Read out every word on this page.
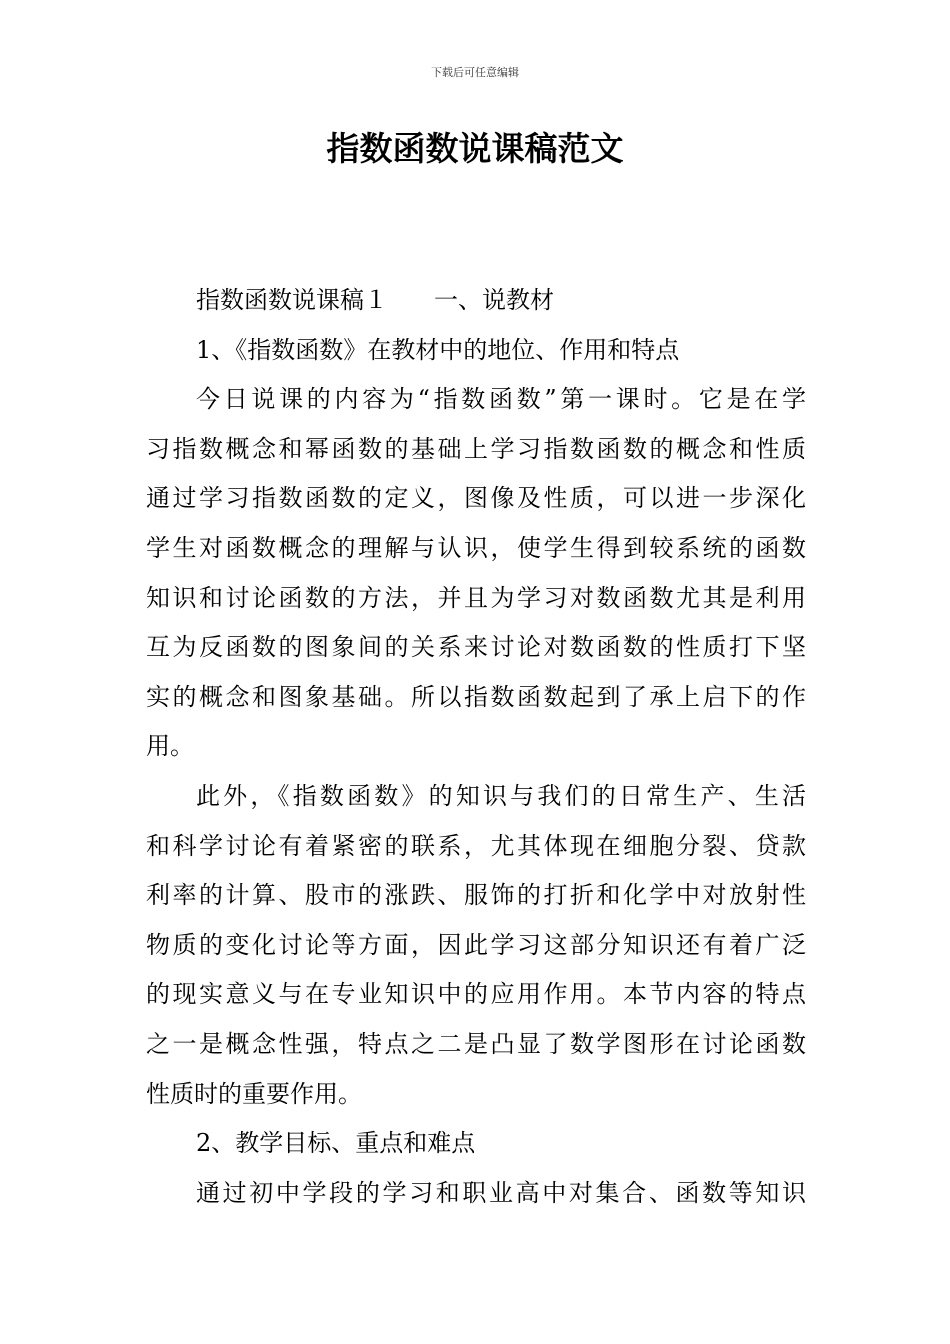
下载后可任意编辑
指数函数说课稿范文
指数函数说课稿１ 一、说教材
1、《指数函数》在教材中的地位、作用和特点
今日说课的内容为“指数函数”第一课时。它是在学
习指数概念和幂函数的基础上学习指数函数的概念和性质
通过学习指数函数的定义，图像及性质，可以进一步深化
学生对函数概念的理解与认识，使学生得到较系统的函数
知识和讨论函数的方法，并且为学习对数函数尤其是利用
互为反函数的图象间的关系来讨论对数函数的性质打下坚
实的概念和图象基础。所以指数函数起到了承上启下的作
用。
此外，《指数函数》的知识与我们的日常生产、生活
和科学讨论有着紧密的联系，尤其体现在细胞分裂、贷款
利率的计算、股市的涨跌、服饰的打折和化学中对放射性
物质的变化讨论等方面，因此学习这部分知识还有着广泛
的现实意义与在专业知识中的应用作用。本节内容的特点
之一是概念性强，特点之二是凸显了数学图形在讨论函数
性质时的重要作用。
2、教学目标、重点和难点
通过初中学段的学习和职业高中对集合、函数等知识
